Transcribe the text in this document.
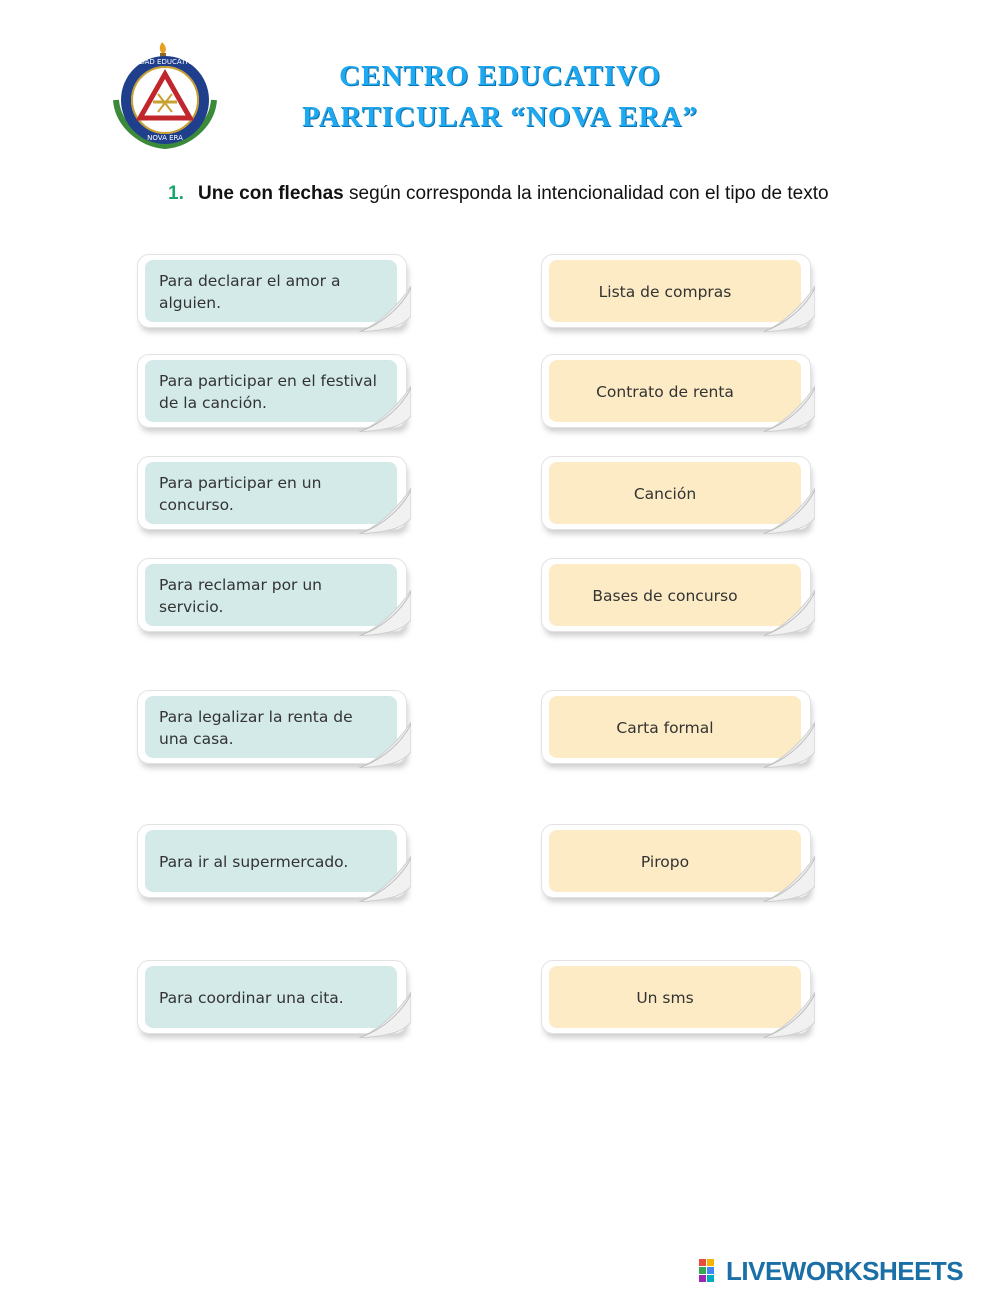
UNIDAD EDUCATIVA P
NOVA ERA
CENTRO EDUCATIVO
PARTICULAR “NOVA ERA”
1. Une con flechas según corresponda la intencionalidad con el tipo de texto
Para declarar el amor a alguien.
Para participar en el festival de la canción.
Para participar en un concurso.
Para reclamar por un servicio.
Para legalizar la renta de una casa.
Para ir al supermercado.
Para coordinar una cita.
Lista de compras
Contrato de renta
Canción
Bases de concurso
Carta formal
Piropo
Un sms
LIVEWORKSHEETS
